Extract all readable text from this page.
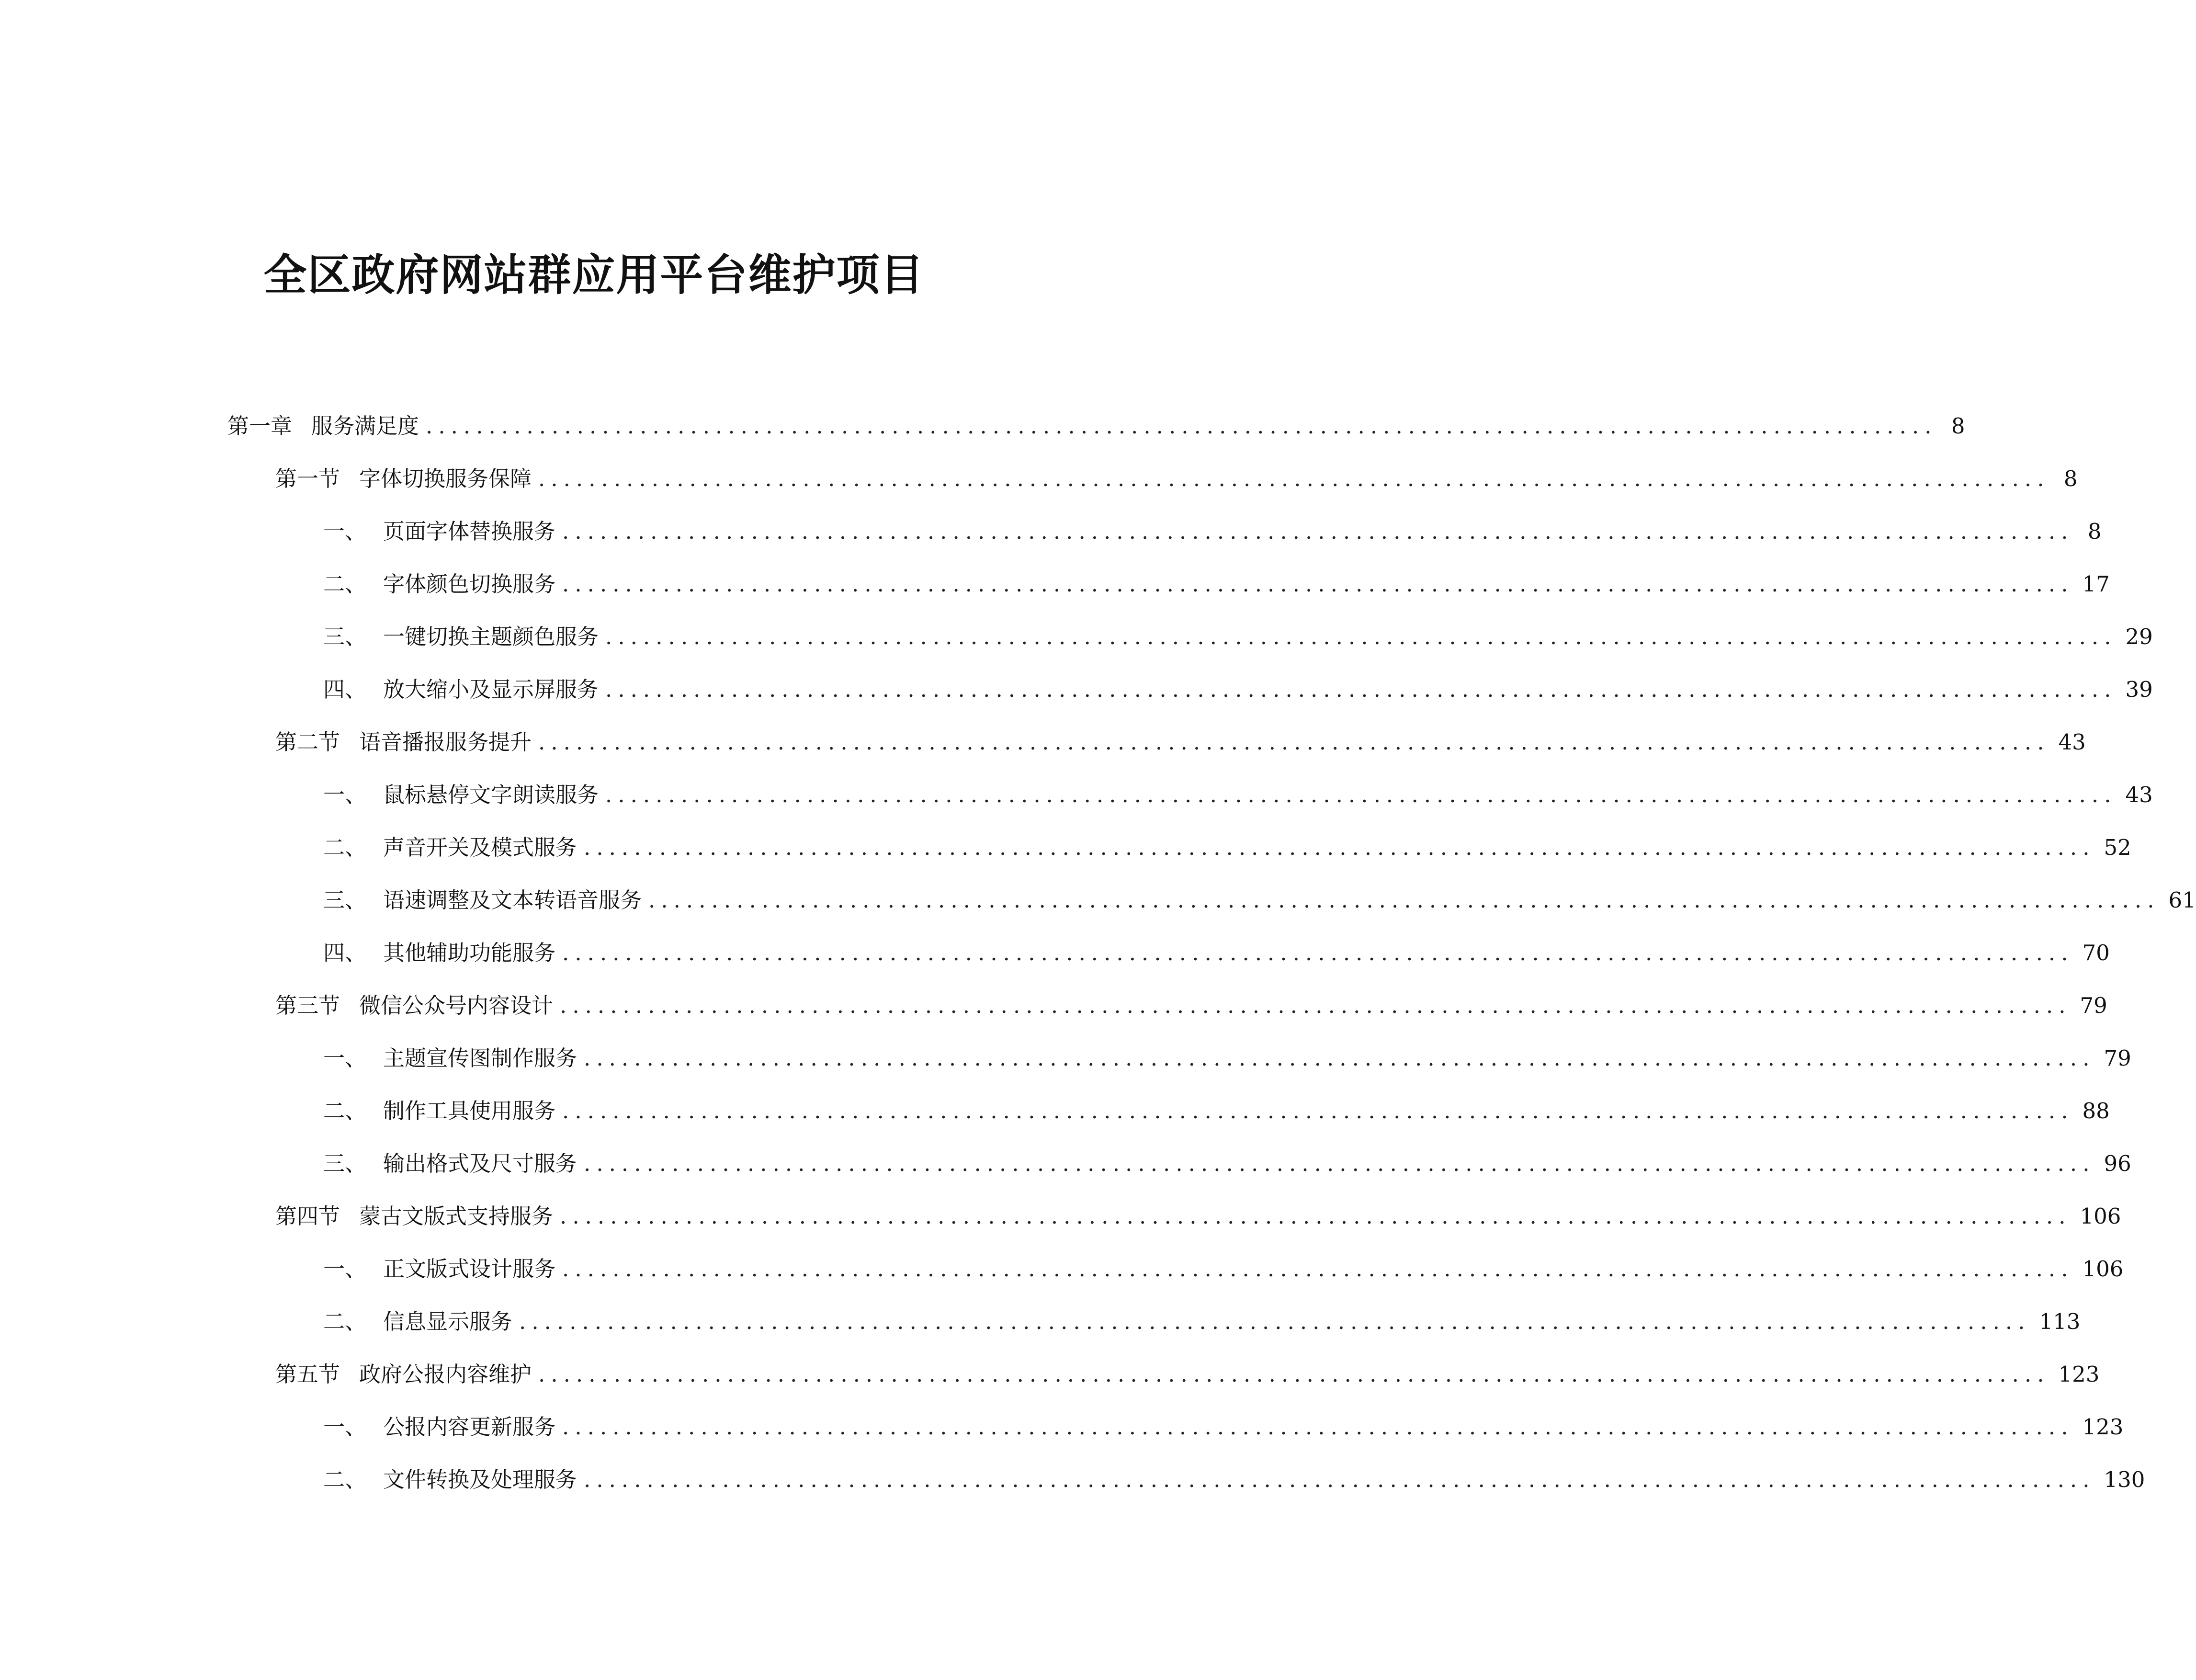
全区政府网站群应用平台维护项目
第一章 服务满足度 ........................................................................................................................ 8
第一节 字体切换服务保障 ........................................................................................................................ 8
一、 页面字体替换服务 ........................................................................................................................ 8
二、 字体颜色切换服务 ........................................................................................................................ 17
三、 一键切换主题颜色服务 ........................................................................................................................ 29
四、 放大缩小及显示屏服务 ........................................................................................................................ 39
第二节 语音播报服务提升 ........................................................................................................................ 43
一、 鼠标悬停文字朗读服务 ........................................................................................................................ 43
二、 声音开关及模式服务 ........................................................................................................................ 52
三、 语速调整及文本转语音服务 ........................................................................................................................ 61
四、 其他辅助功能服务 ........................................................................................................................ 70
第三节 微信公众号内容设计 ........................................................................................................................ 79
一、 主题宣传图制作服务 ........................................................................................................................ 79
二、 制作工具使用服务 ........................................................................................................................ 88
三、 输出格式及尺寸服务 ........................................................................................................................ 96
第四节 蒙古文版式支持服务 ........................................................................................................................ 106
一、 正文版式设计服务 ........................................................................................................................ 106
二、 信息显示服务 ........................................................................................................................ 113
第五节 政府公报内容维护 ........................................................................................................................ 123
一、 公报内容更新服务 ........................................................................................................................ 123
二、 文件转换及处理服务 ........................................................................................................................ 130
